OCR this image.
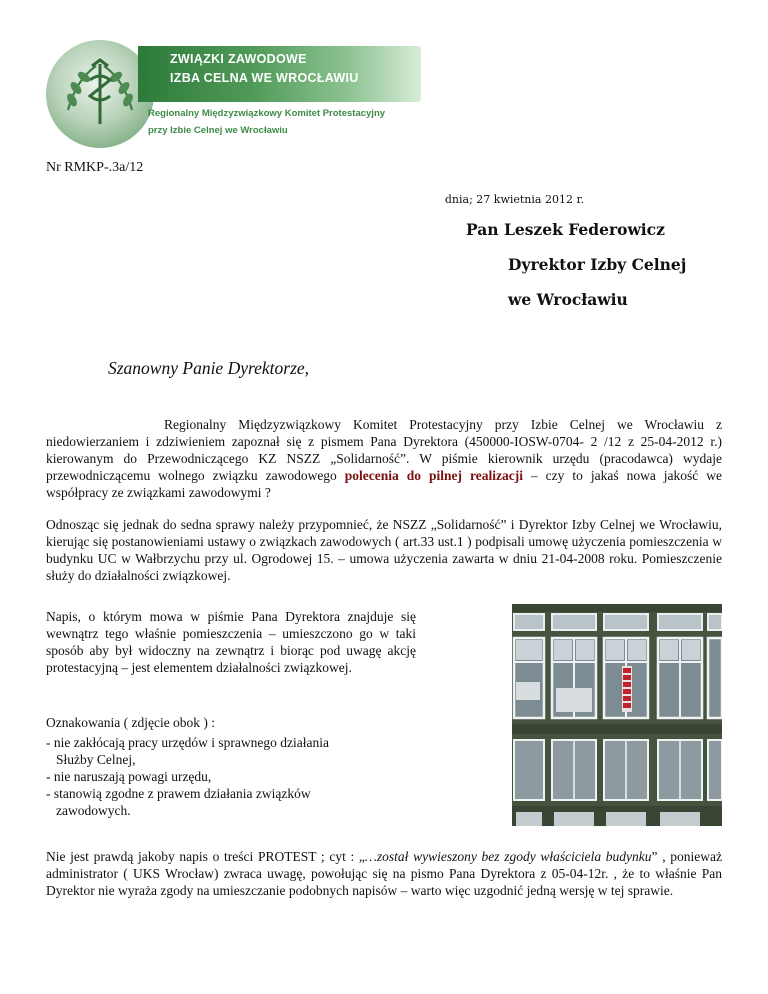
ZWIĄZKI ZAWODOWE
IZBA CELNA WE WROCŁAWIU
Regionalny Międzyzwiązkowy Komitet Protestacyjny
przy Izbie Celnej we Wrocławiu
Nr RMKP-.3a/12
dnia; 27 kwietnia 2012 r.
Pan Leszek Federowicz
Dyrektor Izby Celnej
we Wrocławiu
Szanowny Panie Dyrektorze,
Regionalny Międzyzwiązkowy Komitet Protestacyjny przy Izbie Celnej we Wrocławiu z niedowierzaniem i zdziwieniem zapoznał się z pismem Pana Dyrektora (450000-IOSW-0704- 2 /12 z 25-04-2012 r.) kierowanym do Przewodniczącego KZ NSZZ „Solidarność”. W piśmie kierownik urzędu (pracodawca) wydaje przewodniczącemu wolnego związku zawodowego polecenia do pilnej realizacji – czy to jakaś nowa jakość we współpracy ze związkami zawodowymi ?
Odnosząc się jednak do sedna sprawy należy przypomnieć, że NSZZ „Solidarność” i Dyrektor Izby Celnej we Wrocławiu, kierując się postanowieniami ustawy o związkach zawodowych ( art.33 ust.1 ) podpisali umowę użyczenia pomieszczenia w budynku UC w Wałbrzychu przy ul. Ogrodowej 15. – umowa użyczenia zawarta w dniu 21-04-2008 roku. Pomieszczenie służy do działalności związkowej.
Napis, o którym mowa w piśmie Pana Dyrektora znajduje się wewnątrz tego właśnie pomieszczenia – umieszczono go w taki sposób aby był widoczny na zewnątrz i biorąc pod uwagę akcję protestacyjną – jest elementem działalności związkowej.
Oznakowania ( zdjęcie obok ) :
- nie zakłócają pracy urzędów i sprawnego działania
Służby Celnej,
- nie naruszają powagi urzędu,
- stanowią zgodne z prawem działania związków
zawodowych.
Nie jest prawdą jakoby napis o treści PROTEST ; cyt : „…został wywieszony bez zgody właściciela budynku” , ponieważ administrator ( UKS Wrocław) zwraca uwagę, powołując się na pismo Pana Dyrektora z 05-04-12r. , że to właśnie Pan Dyrektor nie wyraża zgody na umieszczanie podobnych napisów – warto więc uzgodnić jedną wersję w tej sprawie.
